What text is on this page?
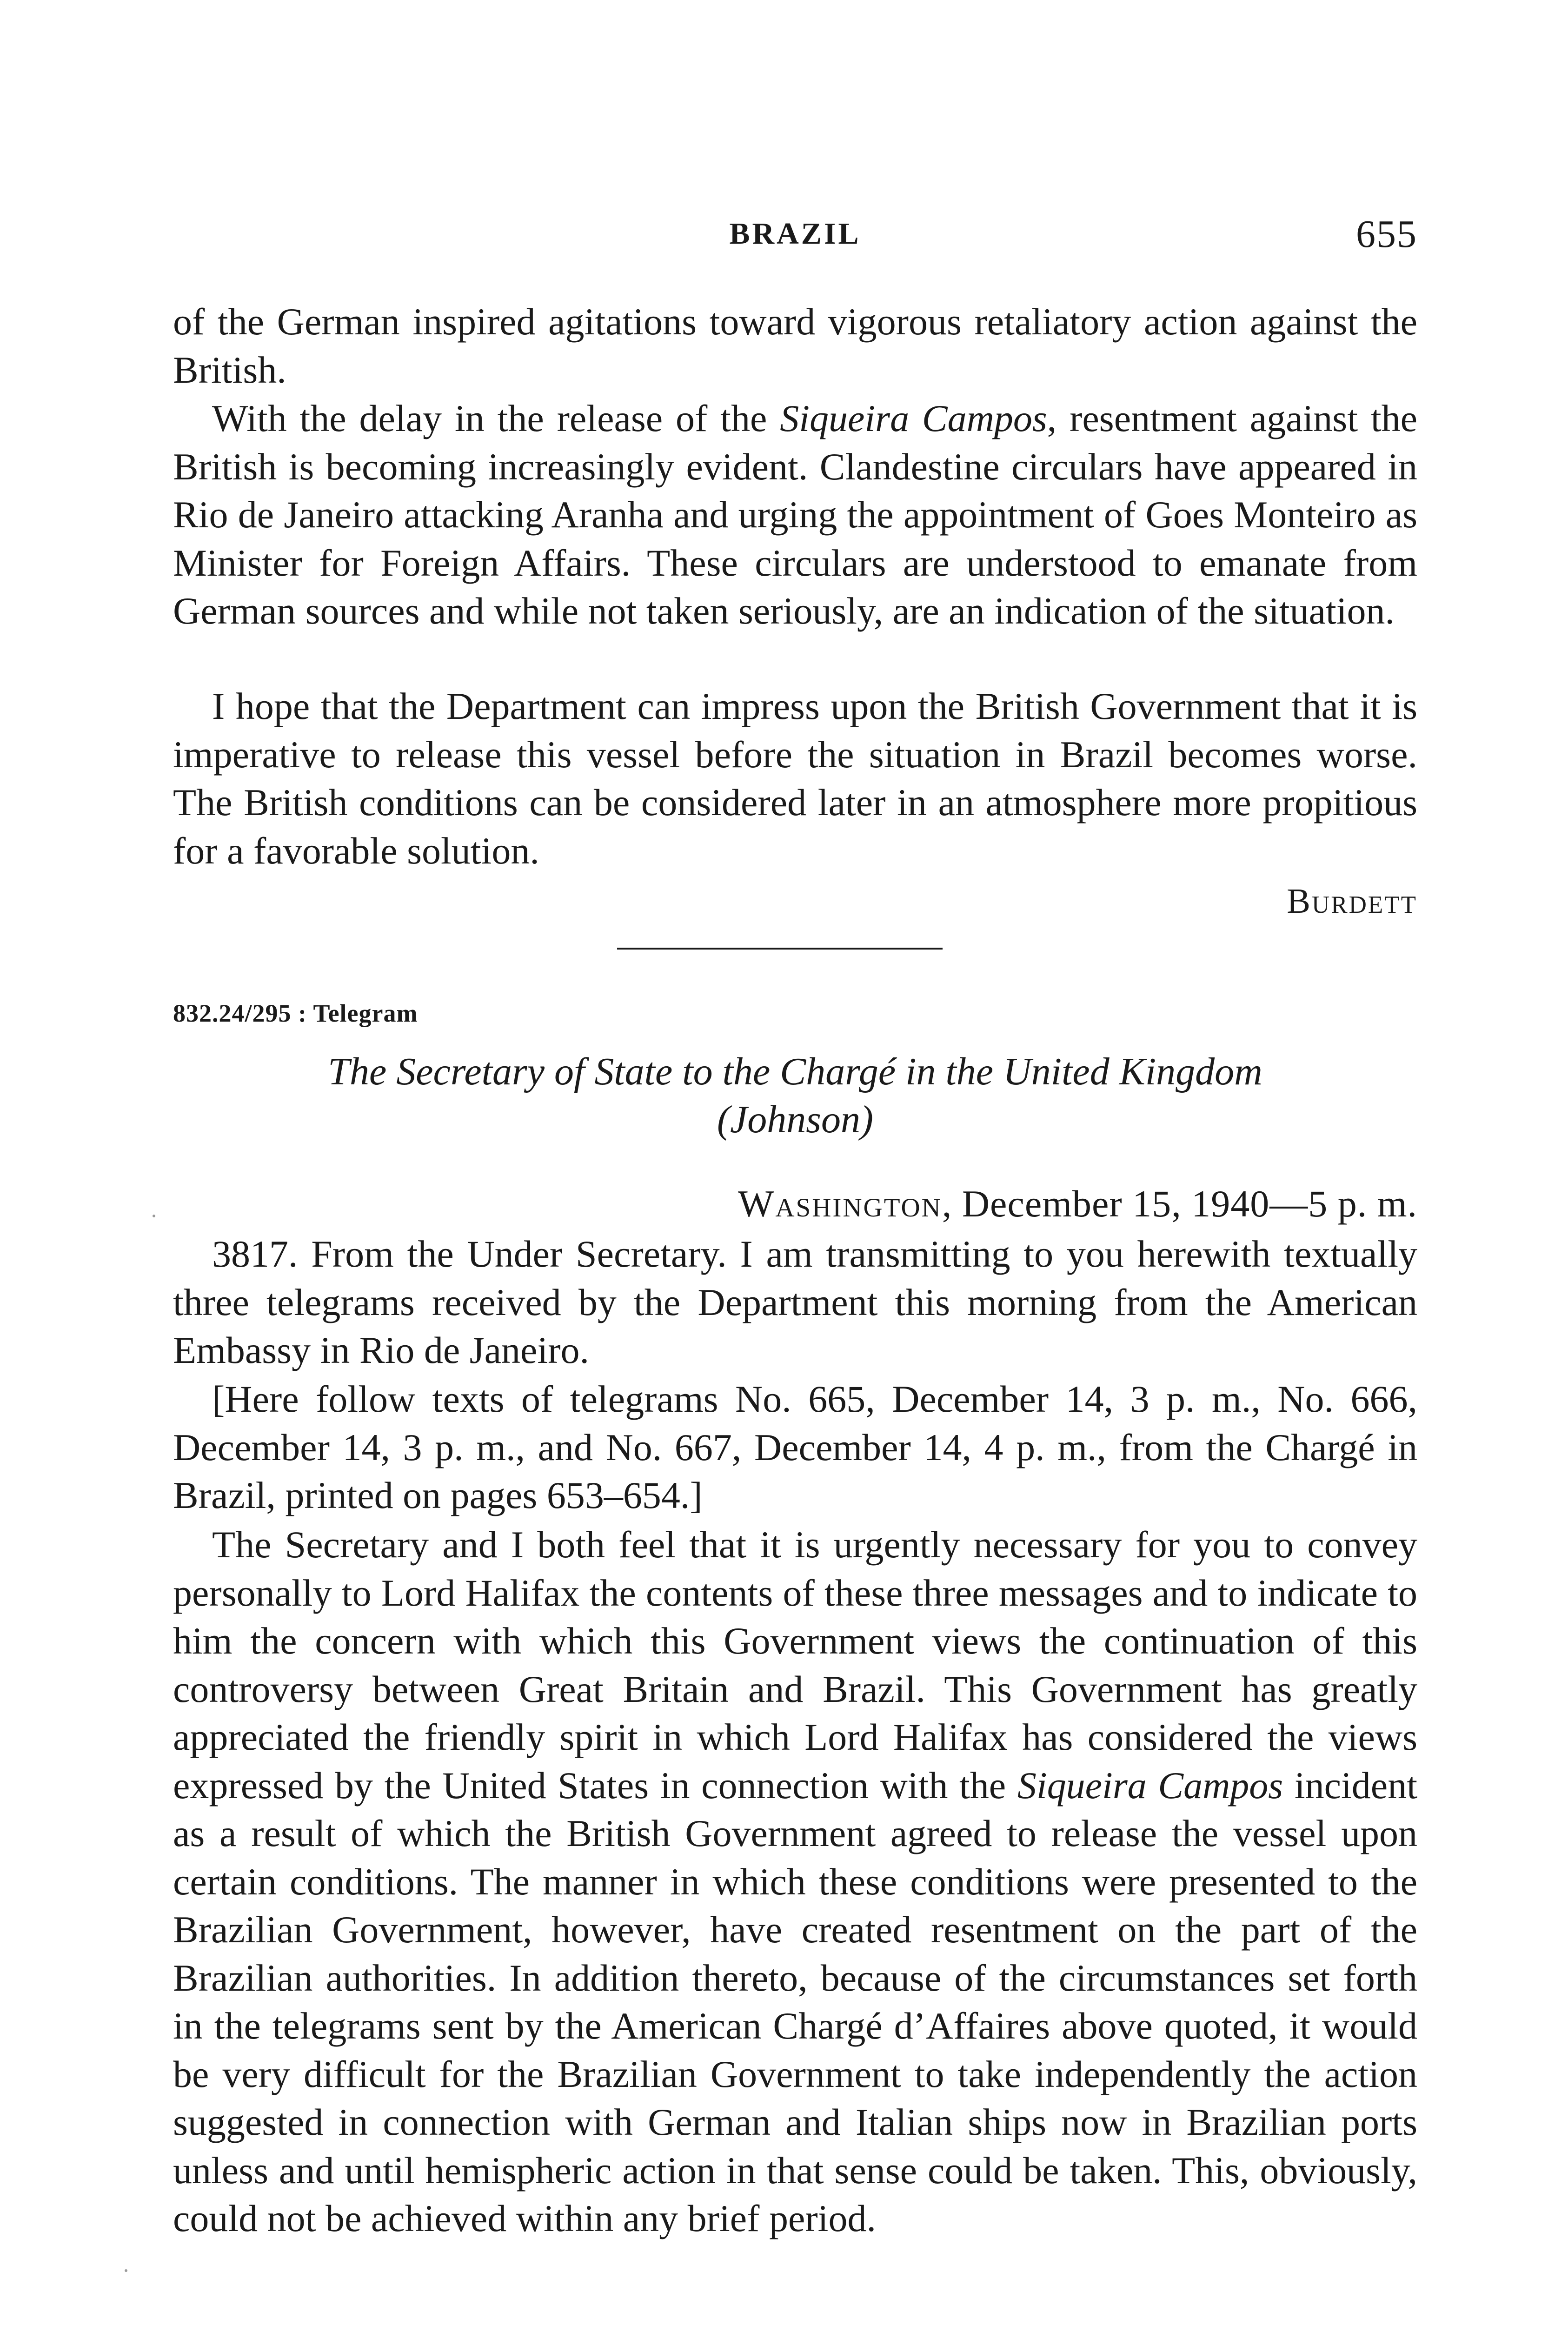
BRAZIL	655

of the German inspired agitations toward vigorous retaliatory action against the British.

With the delay in the release of the Siqueira Campos, resentment against the British is becoming increasingly evident. Clandestine circulars have appeared in Rio de Janeiro attacking Aranha and urging the appointment of Goes Monteiro as Minister for Foreign Affairs. These circulars are understood to emanate from German sources and while not taken seriously, are an indication of the situation.

I hope that the Department can impress upon the British Government that it is imperative to release this vessel before the situation in Brazil becomes worse. The British conditions can be considered later in an atmosphere more propitious for a favorable solution.

Burdett
832.24/295 : Telegram
The Secretary of State to the Chargé in the United Kingdom
(Johnson)
Washington, December 15, 1940—5 p. m.

3817. From the Under Secretary. I am transmitting to you herewith textually three telegrams received by the Department this morning from the American Embassy in Rio de Janeiro.

[Here follow texts of telegrams No. 665, December 14, 3 p. m., No. 666, December 14, 3 p. m., and No. 667, December 14, 4 p. m., from the Chargé in Brazil, printed on pages 653–654.]

The Secretary and I both feel that it is urgently necessary for you to convey personally to Lord Halifax the contents of these three messages and to indicate to him the concern with which this Government views the continuation of this controversy between Great Britain and Brazil. This Government has greatly appreciated the friendly spirit in which Lord Halifax has considered the views expressed by the United States in connection with the Siqueira Campos incident as a result of which the British Government agreed to release the vessel upon certain conditions. The manner in which these conditions were presented to the Brazilian Government, however, have created resentment on the part of the Brazilian authorities. In addition thereto, because of the circumstances set forth in the telegrams sent by the American Chargé d’Affaires above quoted, it would be very difficult for the Brazilian Government to take independently the action suggested in connection with German and Italian ships now in Brazilian ports unless and until hemispheric action in that sense could be taken. This, obviously, could not be achieved within any brief period.
